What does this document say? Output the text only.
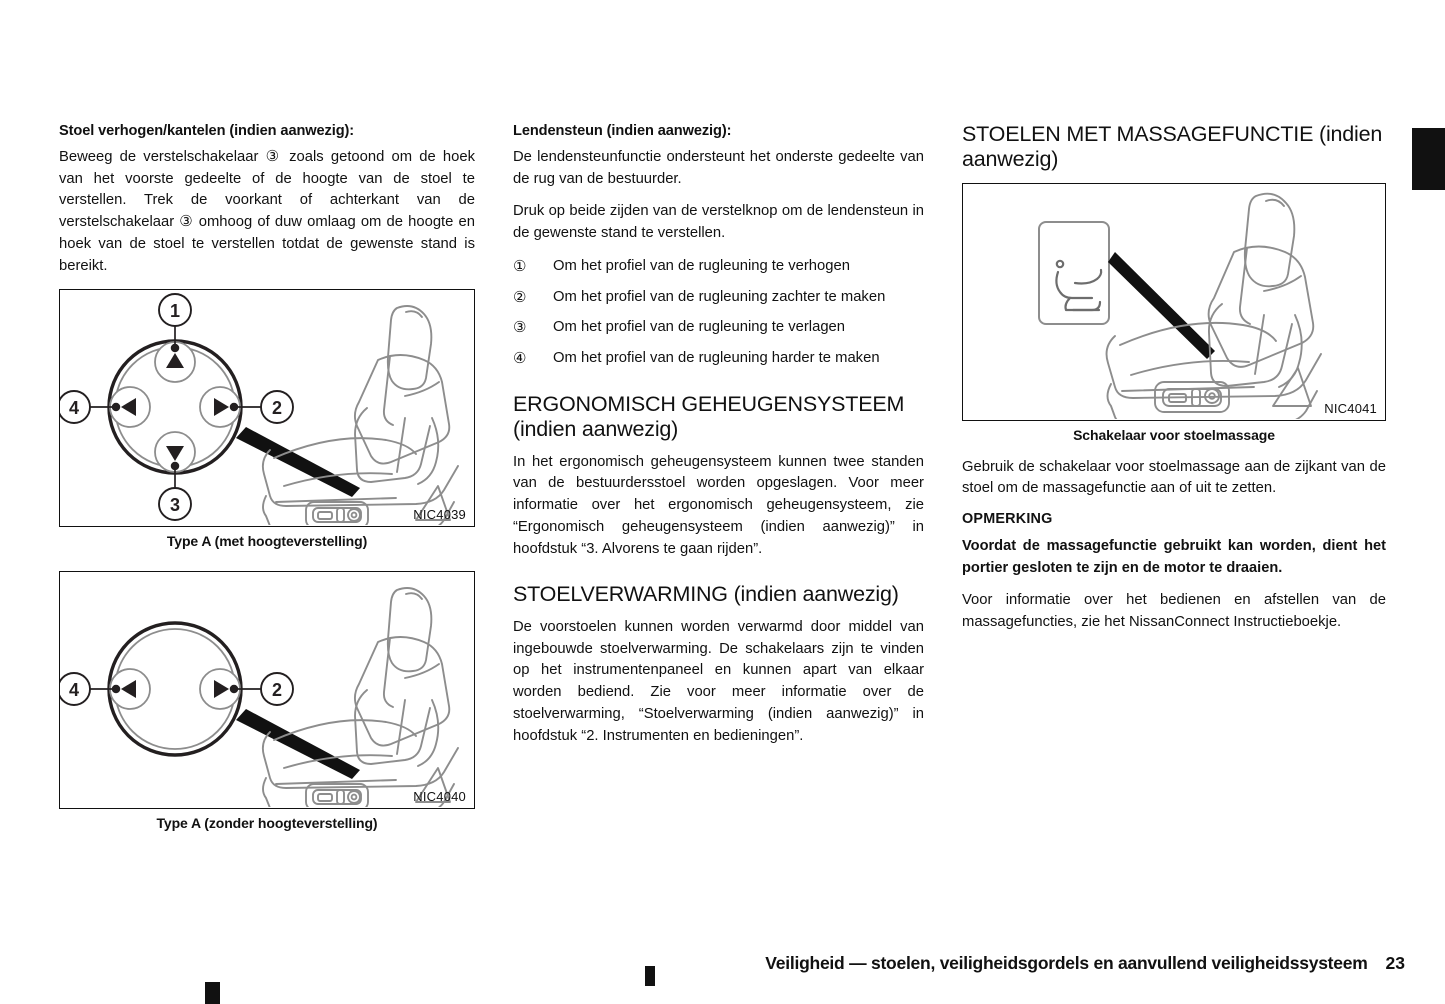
Stoel verhogen/kantelen (indien aanwezig):

Beweeg de verstelschakelaar ③ zoals getoond om de hoek van het voorste gedeelte of de hoogte van de stoel te verstellen. Trek de voorkant of achterkant van de verstelschakelaar ③ omhoog of duw omlaag om de hoogte en hoek van de stoel te verstellen totdat de gewenste stand is bereikt.

1
2
3
4
NIC4039

Type A (met hoogteverstelling)

2
4
NIC4040

Type A (zonder hoogteverstelling)

Lendensteun (indien aanwezig):

De lendensteunfunctie ondersteunt het onderste gedeelte van de rug van de bestuurder.

Druk op beide zijden van de verstelknop om de lendensteun in de gewenste stand te verstellen.

①	Om het profiel van de rugleuning te verhogen
②	Om het profiel van de rugleuning zachter te maken
③	Om het profiel van de rugleuning te verlagen
④	Om het profiel van de rugleuning harder te maken
ERGONOMISCH GEHEUGENSYSTEEM (indien aanwezig)

In het ergonomisch geheugensysteem kunnen twee standen van de bestuurdersstoel worden opgeslagen. Voor meer informatie over het ergonomisch geheugensysteem, zie “Ergonomisch geheugensysteem (indien aanwezig)” in hoofdstuk “3. Alvorens te gaan rijden”.

STOELVERWARMING (indien aanwezig)

De voorstoelen kunnen worden verwarmd door middel van ingebouwde stoelverwarming. De schakelaars zijn te vinden op het instrumentenpaneel en kunnen apart van elkaar worden bediend. Zie voor meer informatie over de stoelverwarming, “Stoelverwarming (indien aanwezig)” in hoofdstuk “2. Instrumenten en bedieningen”.

STOELEN MET MASSAGEFUNCTIE (indien aanwezig)
NIC4041

Schakelaar voor stoelmassage

Gebruik de schakelaar voor stoelmassage aan de zijkant van de stoel om de massagefunctie aan of uit te zetten.

OPMERKING

Voordat de massagefunctie gebruikt kan worden, dient het portier gesloten te zijn en de motor te draaien.

Voor informatie over het bedienen en afstellen van de massagefuncties, zie het NissanConnect Instructieboekje.

Veiligheid — stoelen, veiligheidsgordels en aanvullend veiligheidssysteem 23
